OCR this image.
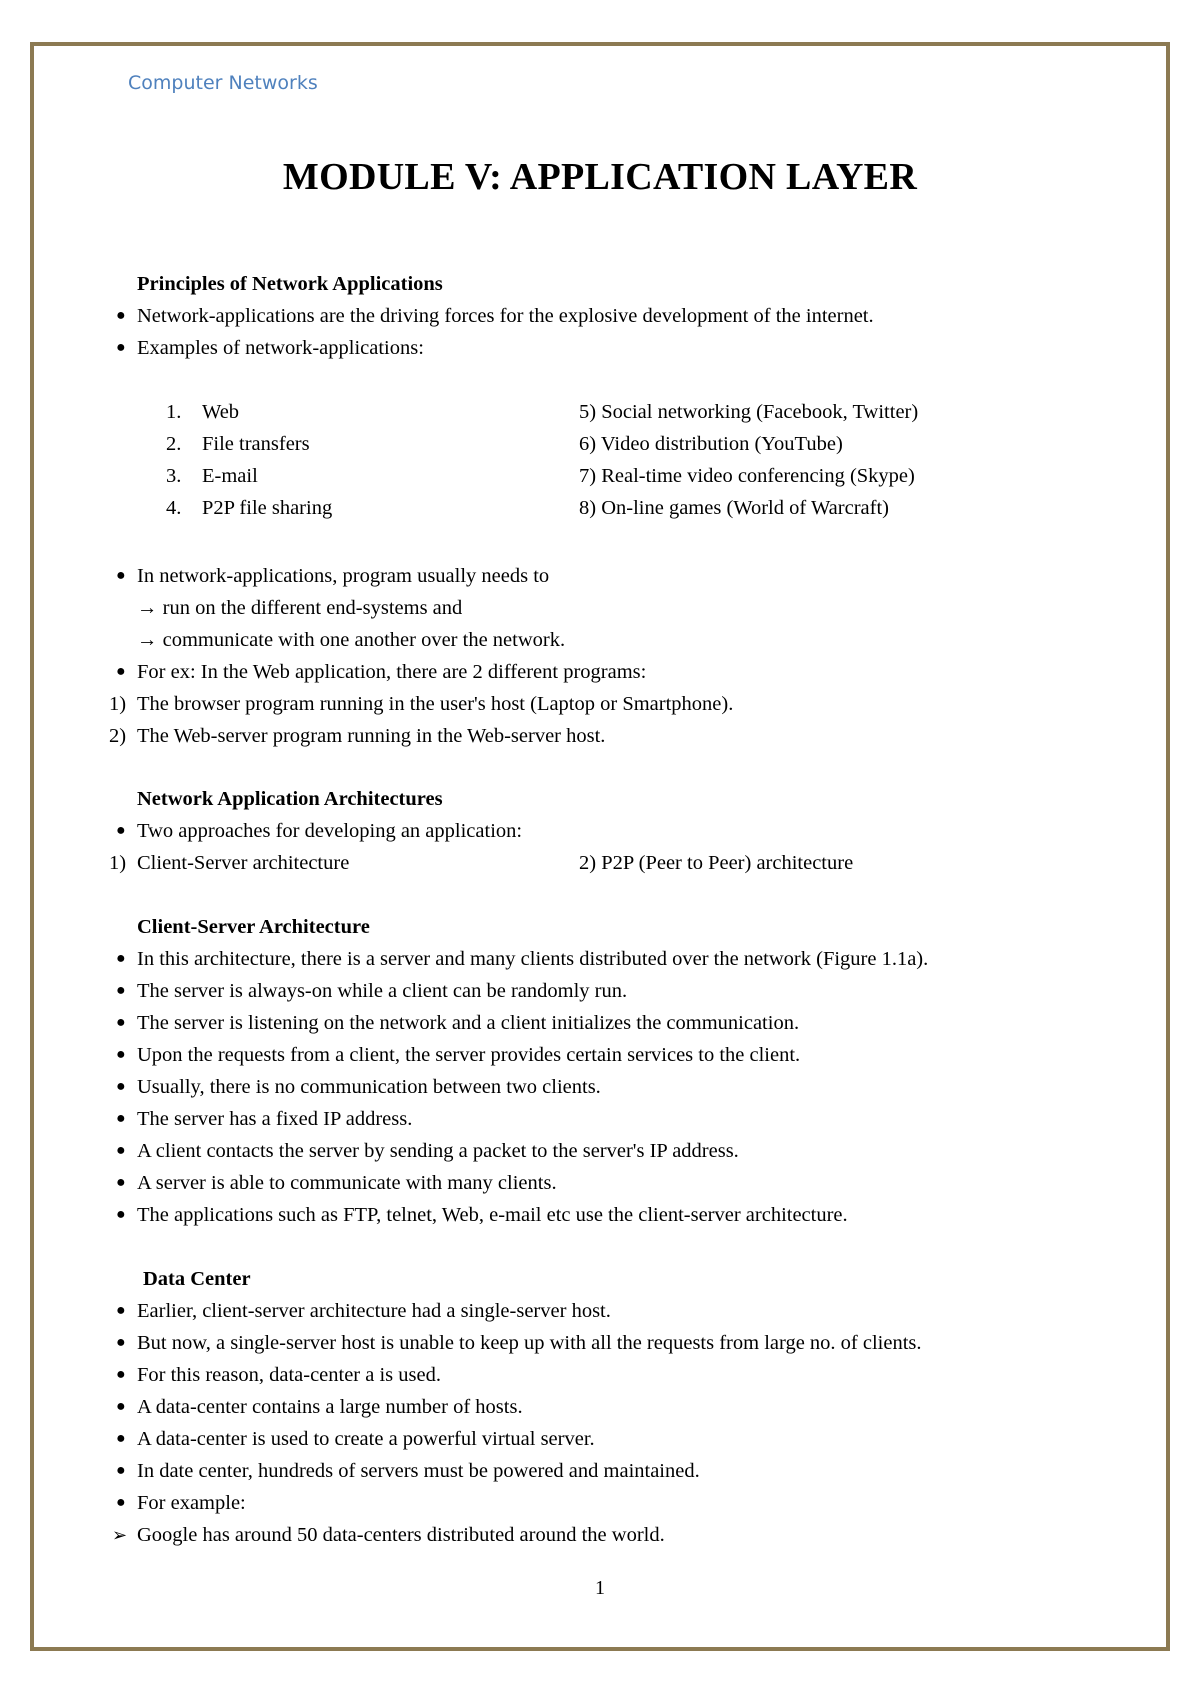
Computer Networks
MODULE V: APPLICATION LAYER
Principles of Network Applications
● Network-applications are the driving forces for the explosive development of the internet.
● Examples of network-applications:
1. Web
2. File transfers
3. E-mail
4. P2P file sharing
5) Social networking (Facebook, Twitter)
6) Video distribution (YouTube)
7) Real-time video conferencing (Skype)
8) On-line games (World of Warcraft)
● In network-applications, program usually needs to
→ run on the different end-systems and
→ communicate with one another over the network.
● For ex: In the Web application, there are 2 different programs:
1) The browser program running in the user's host (Laptop or Smartphone).
2) The Web-server program running in the Web-server host.
Network Application Architectures
● Two approaches for developing an application:
1) Client-Server architecture	2) P2P (Peer to Peer) architecture
Client-Server Architecture
● In this architecture, there is a server and many clients distributed over the network (Figure 1.1a).
● The server is always-on while a client can be randomly run.
● The server is listening on the network and a client initializes the communication.
● Upon the requests from a client, the server provides certain services to the client.
● Usually, there is no communication between two clients.
● The server has a fixed IP address.
● A client contacts the server by sending a packet to the server's IP address.
● A server is able to communicate with many clients.
● The applications such as FTP, telnet, Web, e-mail etc use the client-server architecture.
Data Center
● Earlier, client-server architecture had a single-server host.
● But now, a single-server host is unable to keep up with all the requests from large no. of clients.
● For this reason, data-center a is used.
● A data-center contains a large number of hosts.
● A data-center is used to create a powerful virtual server.
● In date center, hundreds of servers must be powered and maintained.
● For example:
➢ Google has around 50 data-centers distributed around the world.
1
